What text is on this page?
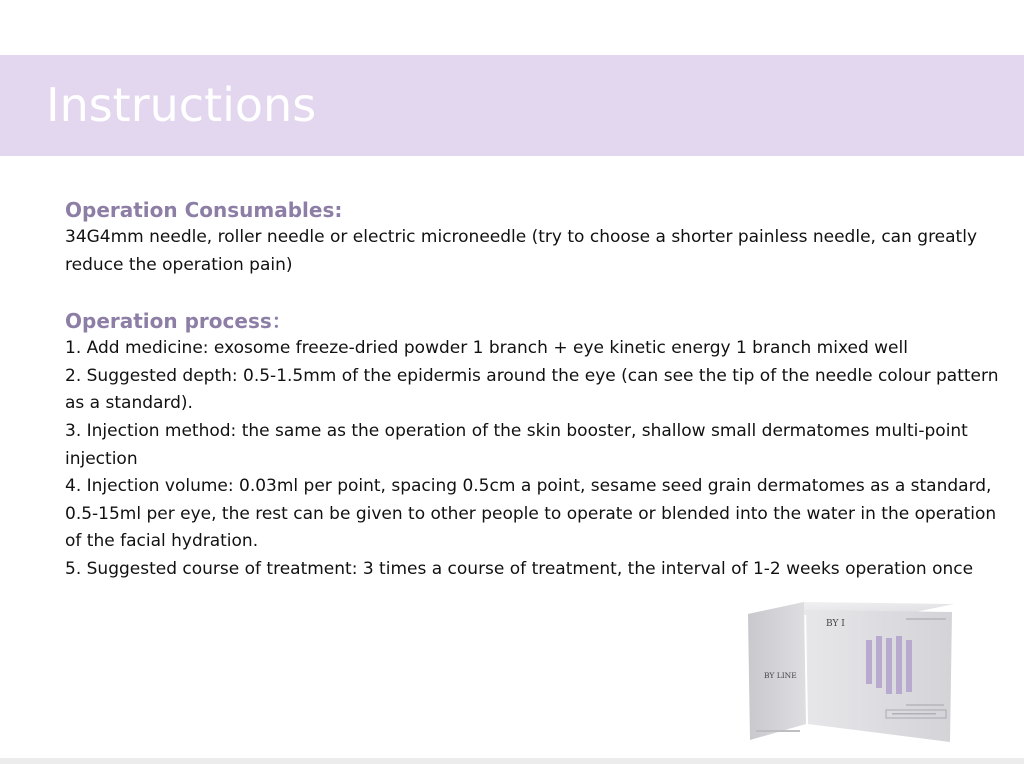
Instructions
Operation Consumables:

34G4mm needle, roller needle or electric microneedle (try to choose a shorter painless needle, can greatly reduce the operation pain)

Operation process：

1. Add medicine: exosome freeze-dried powder 1 branch + eye kinetic energy 1 branch mixed well

2. Suggested depth: 0.5-1.5mm of the epidermis around the eye (can see the tip of the needle colour pattern as a standard).

3. Injection method: the same as the operation of the skin booster, shallow small dermatomes multi-point injection

4. Injection volume: 0.03ml per point, spacing 0.5cm a point, sesame seed grain dermatomes as a standard, 0.5-15ml per eye, the rest can be given to other people to operate or blended into the water in the operation of the facial hydration.

5. Suggested course of treatment: 3 times a course of treatment, the interval of 1-2 weeks operation once

BY I
BY LINE
